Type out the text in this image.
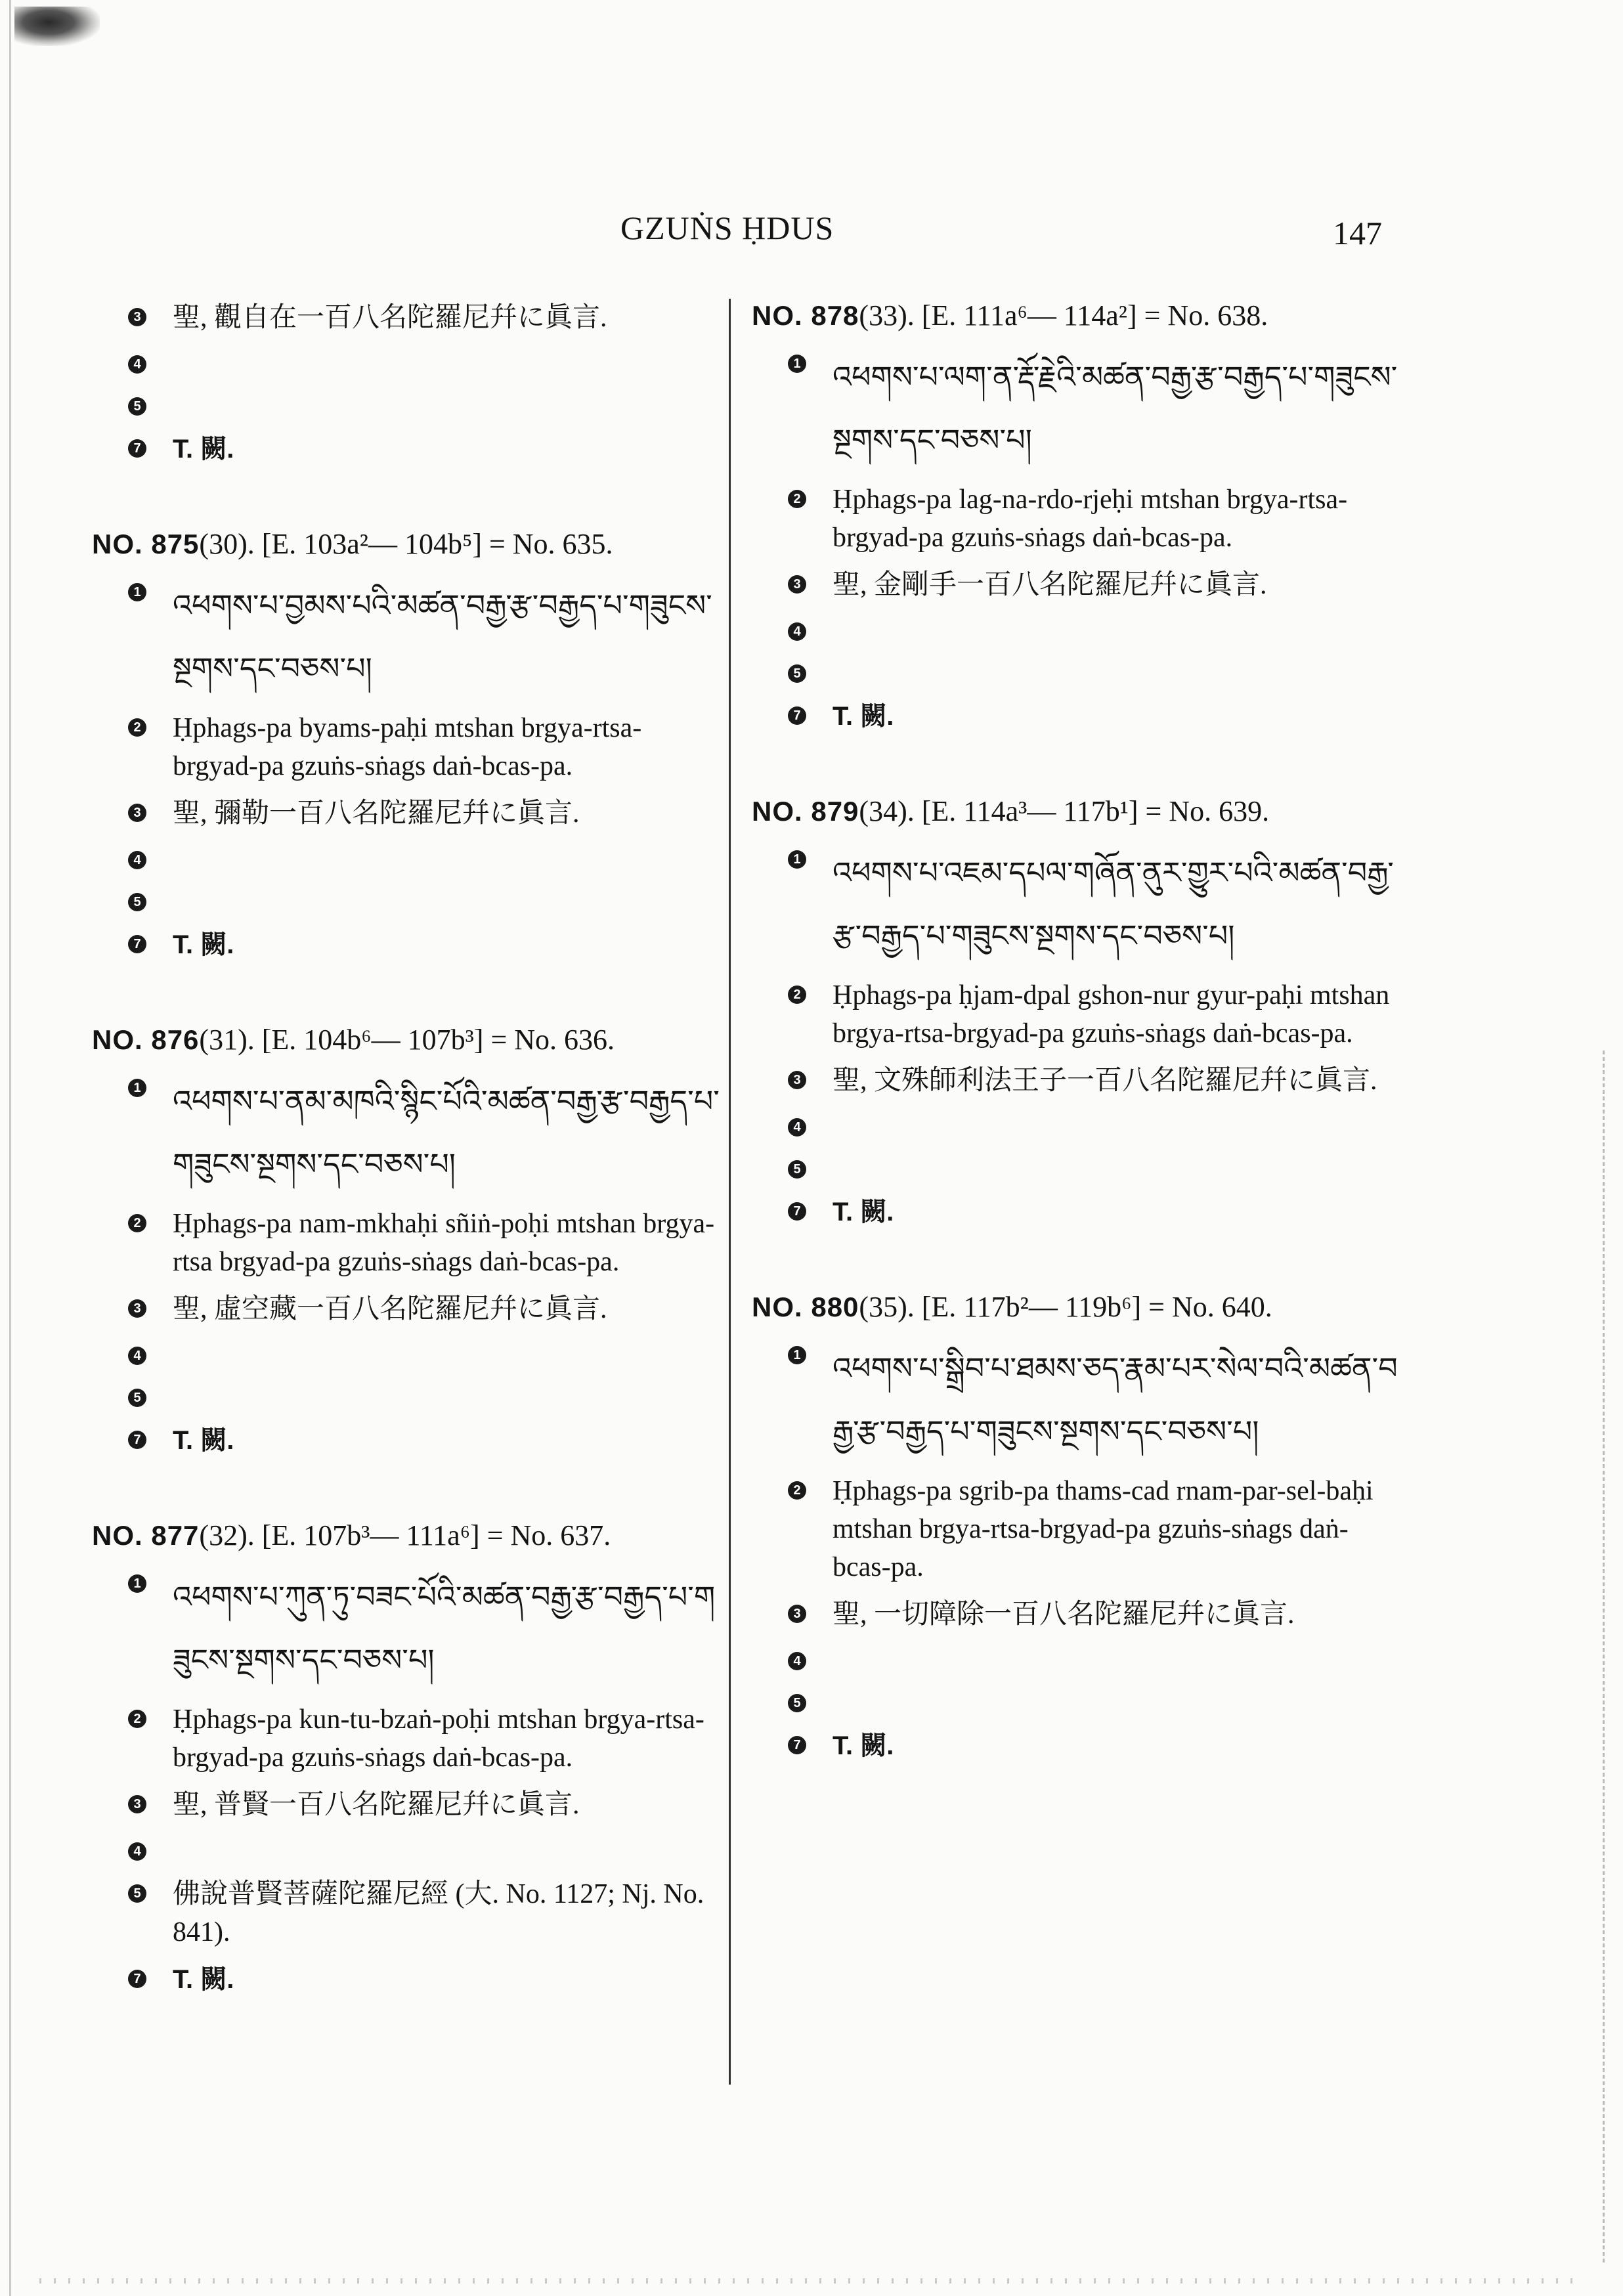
GZUṄS ḤDUS	147
3 聖, 觀自在一百八名陀羅尼幷に眞言.
4
5
7 T. 闕.
NO. 875(30). [E. 103a²— 104b⁵] = No. 635.
1 འཕགས་པ་བྱམས་པའི་མཚན་བརྒྱ་རྩ་བརྒྱད་པ་གཟུངས་སྔགས་དང་བཅས་པ།
2 Ḥphags-pa byams-paḥi mtshan brgya-rtsa-brgyad-pa gzuṅs-sṅags daṅ-bcas-pa.
3 聖, 彌勒一百八名陀羅尼幷に眞言.
4
5
7 T. 闕.
NO. 876(31). [E. 104b⁶— 107b³] = No. 636.
1 འཕགས་པ་ནམ་མཁའི་སྙིང་པོའི་མཚན་བརྒྱ་རྩ་བརྒྱད་པ་གཟུངས་སྔགས་དང་བཅས་པ།
2 Ḥphags-pa nam-mkhaḥi sñiṅ-poḥi mtshan brgya-rtsa brgyad-pa gzuṅs-sṅags daṅ-bcas-pa.
3 聖, 虛空藏一百八名陀羅尼幷に眞言.
4
5
7 T. 闕.
NO. 877(32). [E. 107b³— 111a⁶] = No. 637.
1 འཕགས་པ་ཀུན་ཏུ་བཟང་པོའི་མཚན་བརྒྱ་རྩ་བརྒྱད་པ་གཟུངས་སྔགས་དང་བཅས་པ།
2 Ḥphags-pa kun-tu-bzaṅ-poḥi mtshan brgya-rtsa-brgyad-pa gzuṅs-sṅags daṅ-bcas-pa.
3 聖, 普賢一百八名陀羅尼幷に眞言.
4
5 佛說普賢菩薩陀羅尼經 (大. No. 1127; Nj. No. 841).
7 T. 闕.
NO. 878(33). [E. 111a⁶— 114a²] = No. 638.
1 འཕགས་པ་ལག་ན་རྡོ་རྗེའི་མཚན་བརྒྱ་རྩ་བརྒྱད་པ་གཟུངས་སྔགས་དང་བཅས་པ།
2 Ḥphags-pa lag-na-rdo-rjeḥi mtshan brgya-rtsa-brgyad-pa gzuṅs-sṅags daṅ-bcas-pa.
3 聖, 金剛手一百八名陀羅尼幷に眞言.
4
5
7 T. 闕.
NO. 879(34). [E. 114a³— 117b¹] = No. 639.
1 འཕགས་པ་འཇམ་དཔལ་གཞོན་ནུར་གྱུར་པའི་མཚན་བརྒྱ་རྩ་བརྒྱད་པ་གཟུངས་སྔགས་དང་བཅས་པ།
2 Ḥphags-pa ḥjam-dpal gshon-nur gyur-paḥi mtshan brgya-rtsa-brgyad-pa gzuṅs-sṅags daṅ-bcas-pa.
3 聖, 文殊師利法王子一百八名陀羅尼幷に眞言.
4
5
7 T. 闕.
NO. 880(35). [E. 117b²— 119b⁶] = No. 640.
1 འཕགས་པ་སྒྲིབ་པ་ཐམས་ཅད་རྣམ་པར་སེལ་བའི་མཚན་བརྒྱ་རྩ་བརྒྱད་པ་གཟུངས་སྔགས་དང་བཅས་པ།
2 Ḥphags-pa sgrib-pa thams-cad rnam-par-sel-baḥi mtshan brgya-rtsa-brgyad-pa gzuṅs-sṅags daṅ-bcas-pa.
3 聖, 一切障除一百八名陀羅尼幷に眞言.
4
5
7 T. 闕.
